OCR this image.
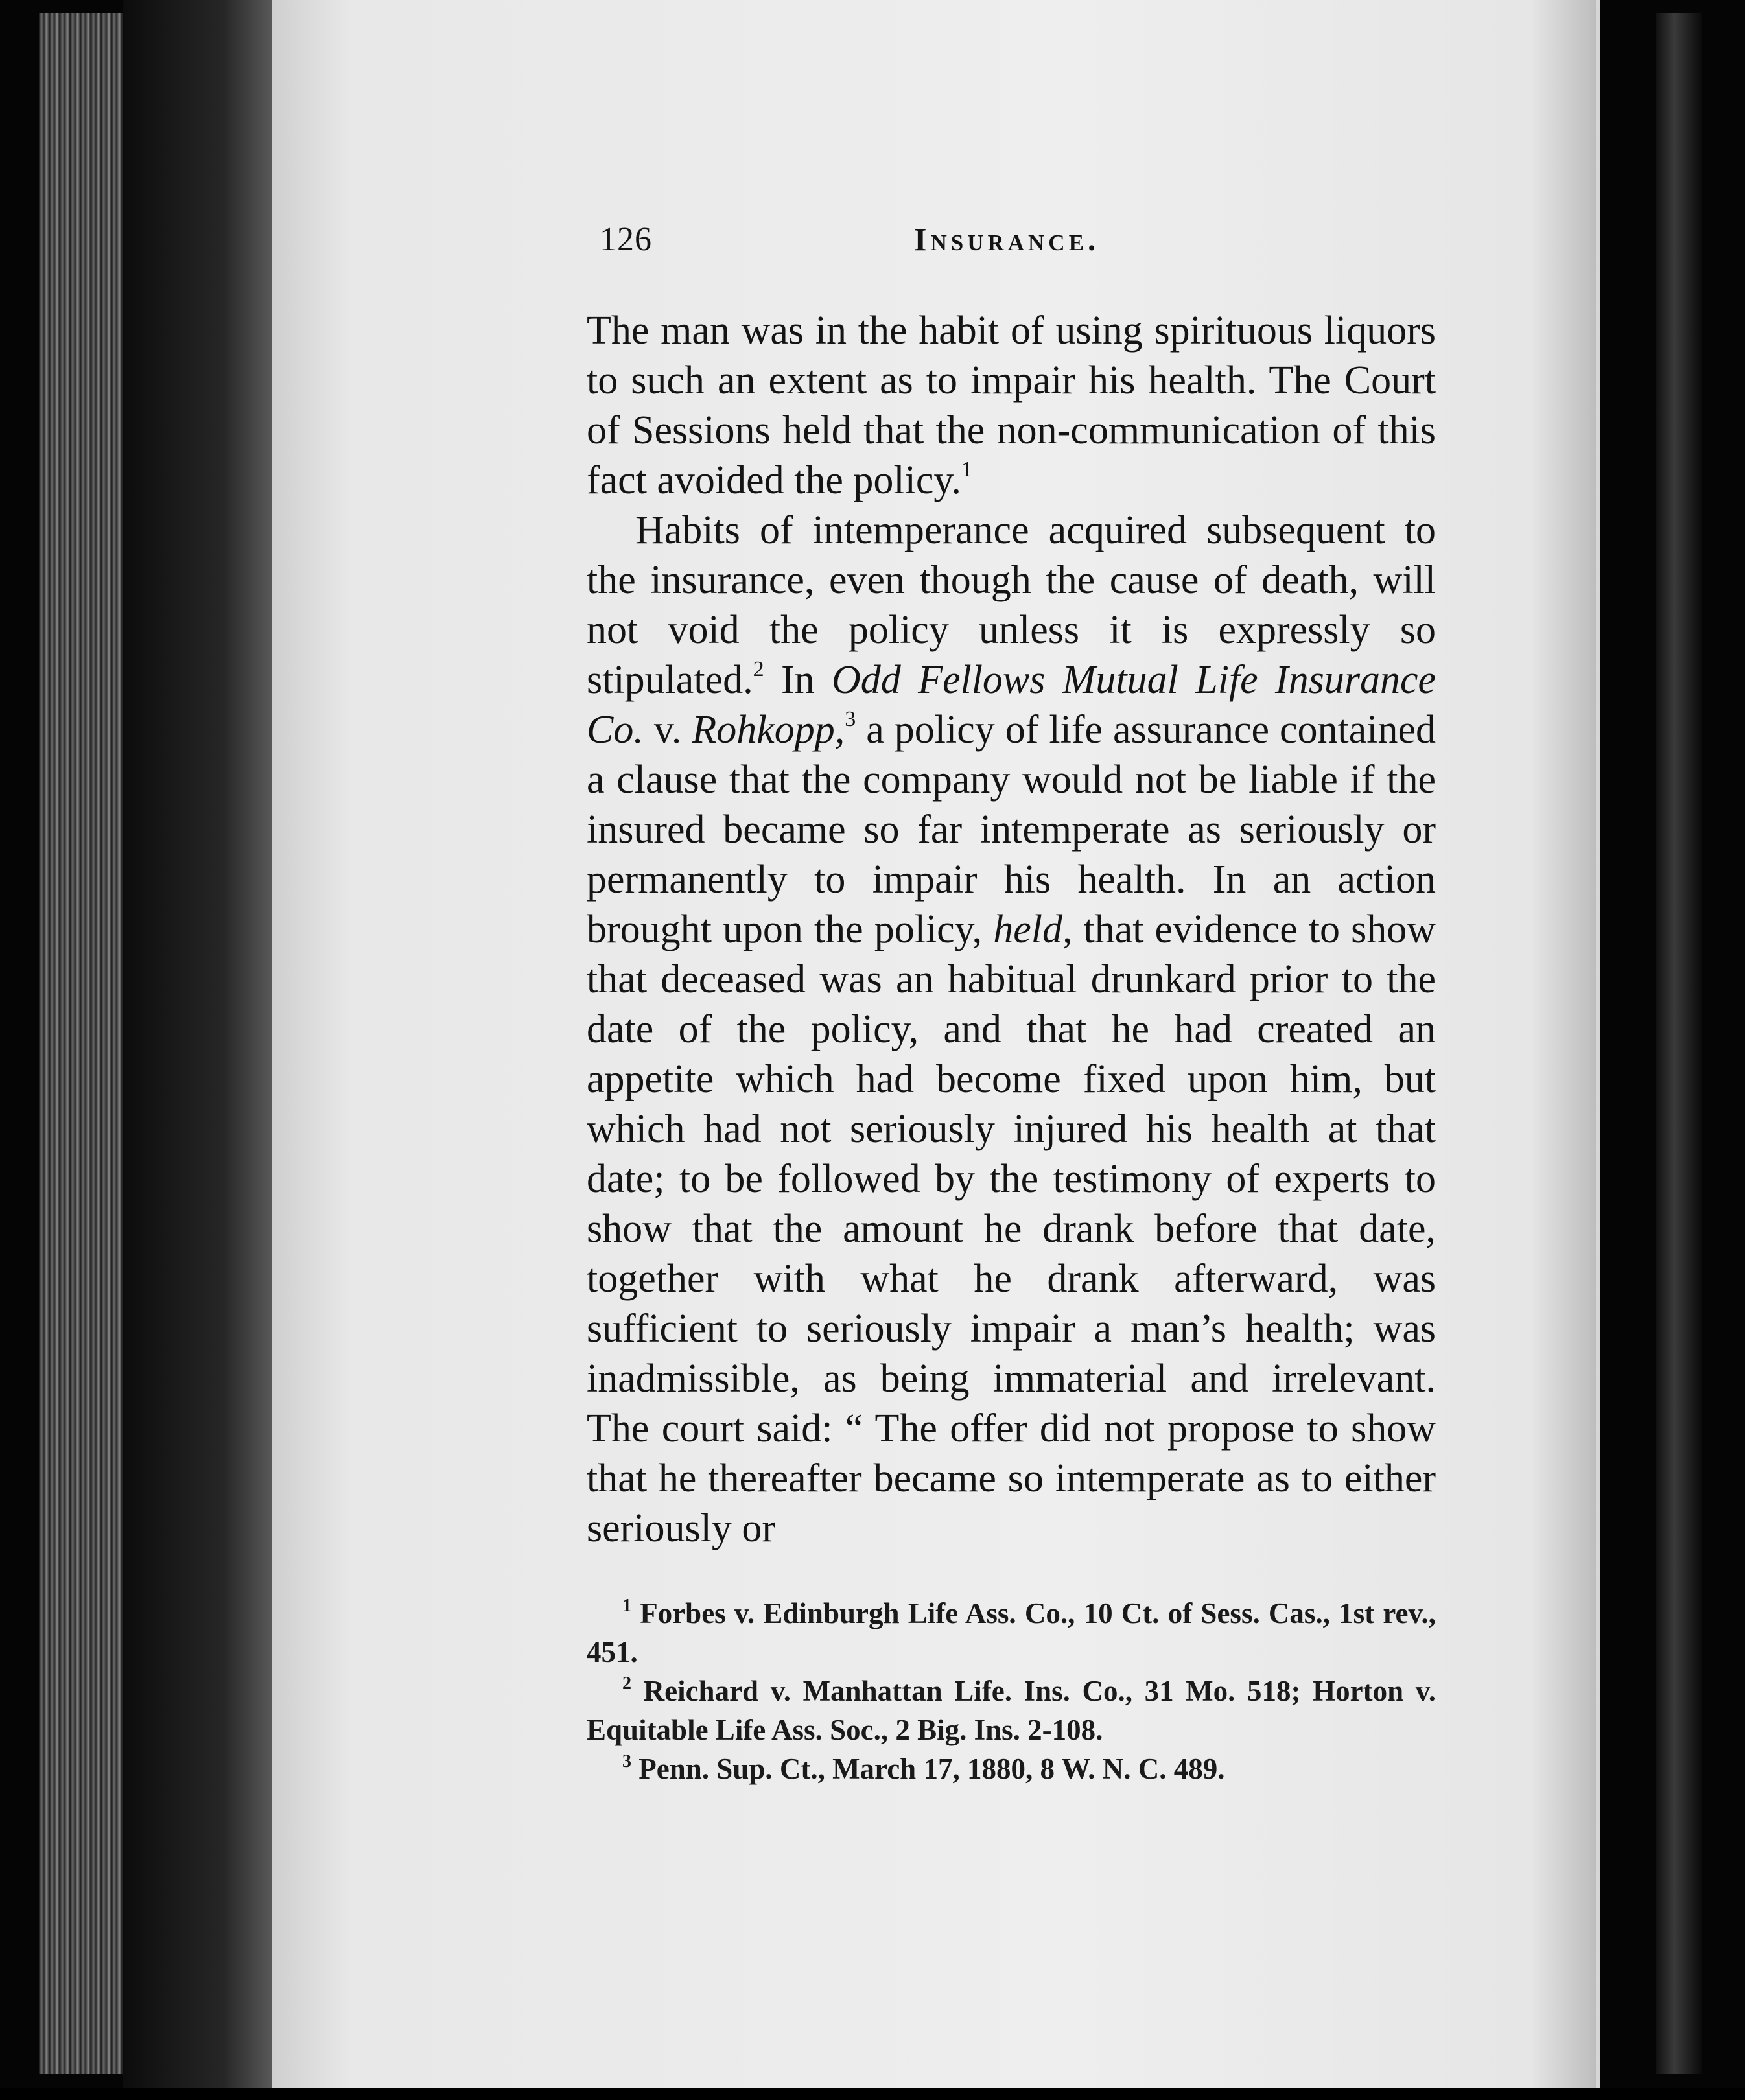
126	Insurance.

The man was in the habit of using spirituous liquors to such an extent as to impair his health. The Court of Sessions held that the non-communication of this fact avoided the policy.$^1$

Habits of intemperance acquired subsequent to the insurance, even though the cause of death, will not void the policy unless it is expressly so stipulated.$^2$ In Odd Fellows Mutual Life Insurance Co. v. Rohkopp,$^3$ a policy of life assurance contained a clause that the company would not be liable if the insured became so far intemperate as seriously or permanently to impair his health. In an action brought upon the policy, held, that evidence to show that deceased was an habitual drunkard prior to the date of the policy, and that he had created an appetite which had become fixed upon him, but which had not seriously injured his health at that date; to be followed by the testimony of experts to show that the amount he drank before that date, together with what he drank afterward, was sufficient to seriously impair a man’s health; was inadmissible, as being immaterial and irrelevant. The court said: “ The offer did not propose to show that he thereafter became so intemperate as to either seriously or

$^1$ Forbes v. Edinburgh Life Ass. Co., 10 Ct. of Sess. Cas., 1st rev., 451.

$^2$ Reichard v. Manhattan Life. Ins. Co., 31 Mo. 518; Horton v. Equitable Life Ass. Soc., 2 Big. Ins. 2-108.

$^3$ Penn. Sup. Ct., March 17, 1880, 8 W. N. C. 489.
